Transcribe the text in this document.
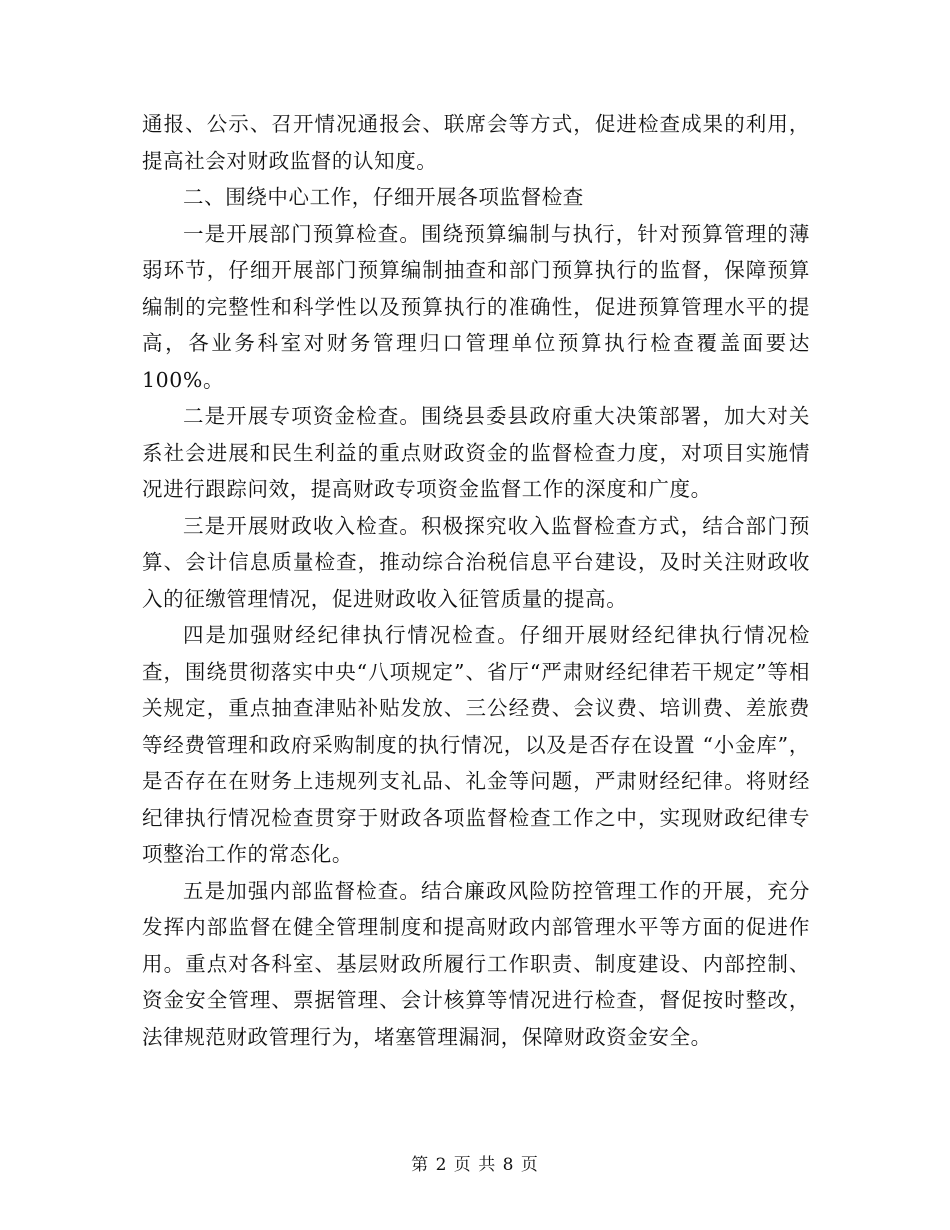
通报、公示、召开情况通报会、联席会等方式，促进检查成果的利用，提高社会对财政监督的认知度。

二、围绕中心工作，仔细开展各项监督检查

一是开展部门预算检查。围绕预算编制与执行，针对预算管理的薄弱环节，仔细开展部门预算编制抽查和部门预算执行的监督，保障预算编制的完整性和科学性以及预算执行的准确性，促进预算管理水平的提高，各业务科室对财务管理归口管理单位预算执行检查覆盖面要达100%。

二是开展专项资金检查。围绕县委县政府重大决策部署，加大对关系社会进展和民生利益的重点财政资金的监督检查力度，对项目实施情况进行跟踪问效，提高财政专项资金监督工作的深度和广度。

三是开展财政收入检查。积极探究收入监督检查方式，结合部门预算、会计信息质量检查，推动综合治税信息平台建设，及时关注财政收入的征缴管理情况，促进财政收入征管质量的提高。

四是加强财经纪律执行情况检查。仔细开展财经纪律执行情况检查，围绕贯彻落实中央“八项规定”、省厅“严肃财经纪律若干规定”等相关规定，重点抽查津贴补贴发放、三公经费、会议费、培训费、差旅费等经费管理和政府采购制度的执行情况，以及是否存在设置 “小金库”，是否存在在财务上违规列支礼品、礼金等问题，严肃财经纪律。将财经纪律执行情况检查贯穿于财政各项监督检查工作之中，实现财政纪律专项整治工作的常态化。

五是加强内部监督检查。结合廉政风险防控管理工作的开展，充分发挥内部监督在健全管理制度和提高财政内部管理水平等方面的促进作用。重点对各科室、基层财政所履行工作职责、制度建设、内部控制、资金安全管理、票据管理、会计核算等情况进行检查，督促按时整改，法律规范财政管理行为，堵塞管理漏洞，保障财政资金安全。

第 2 页 共 8 页
